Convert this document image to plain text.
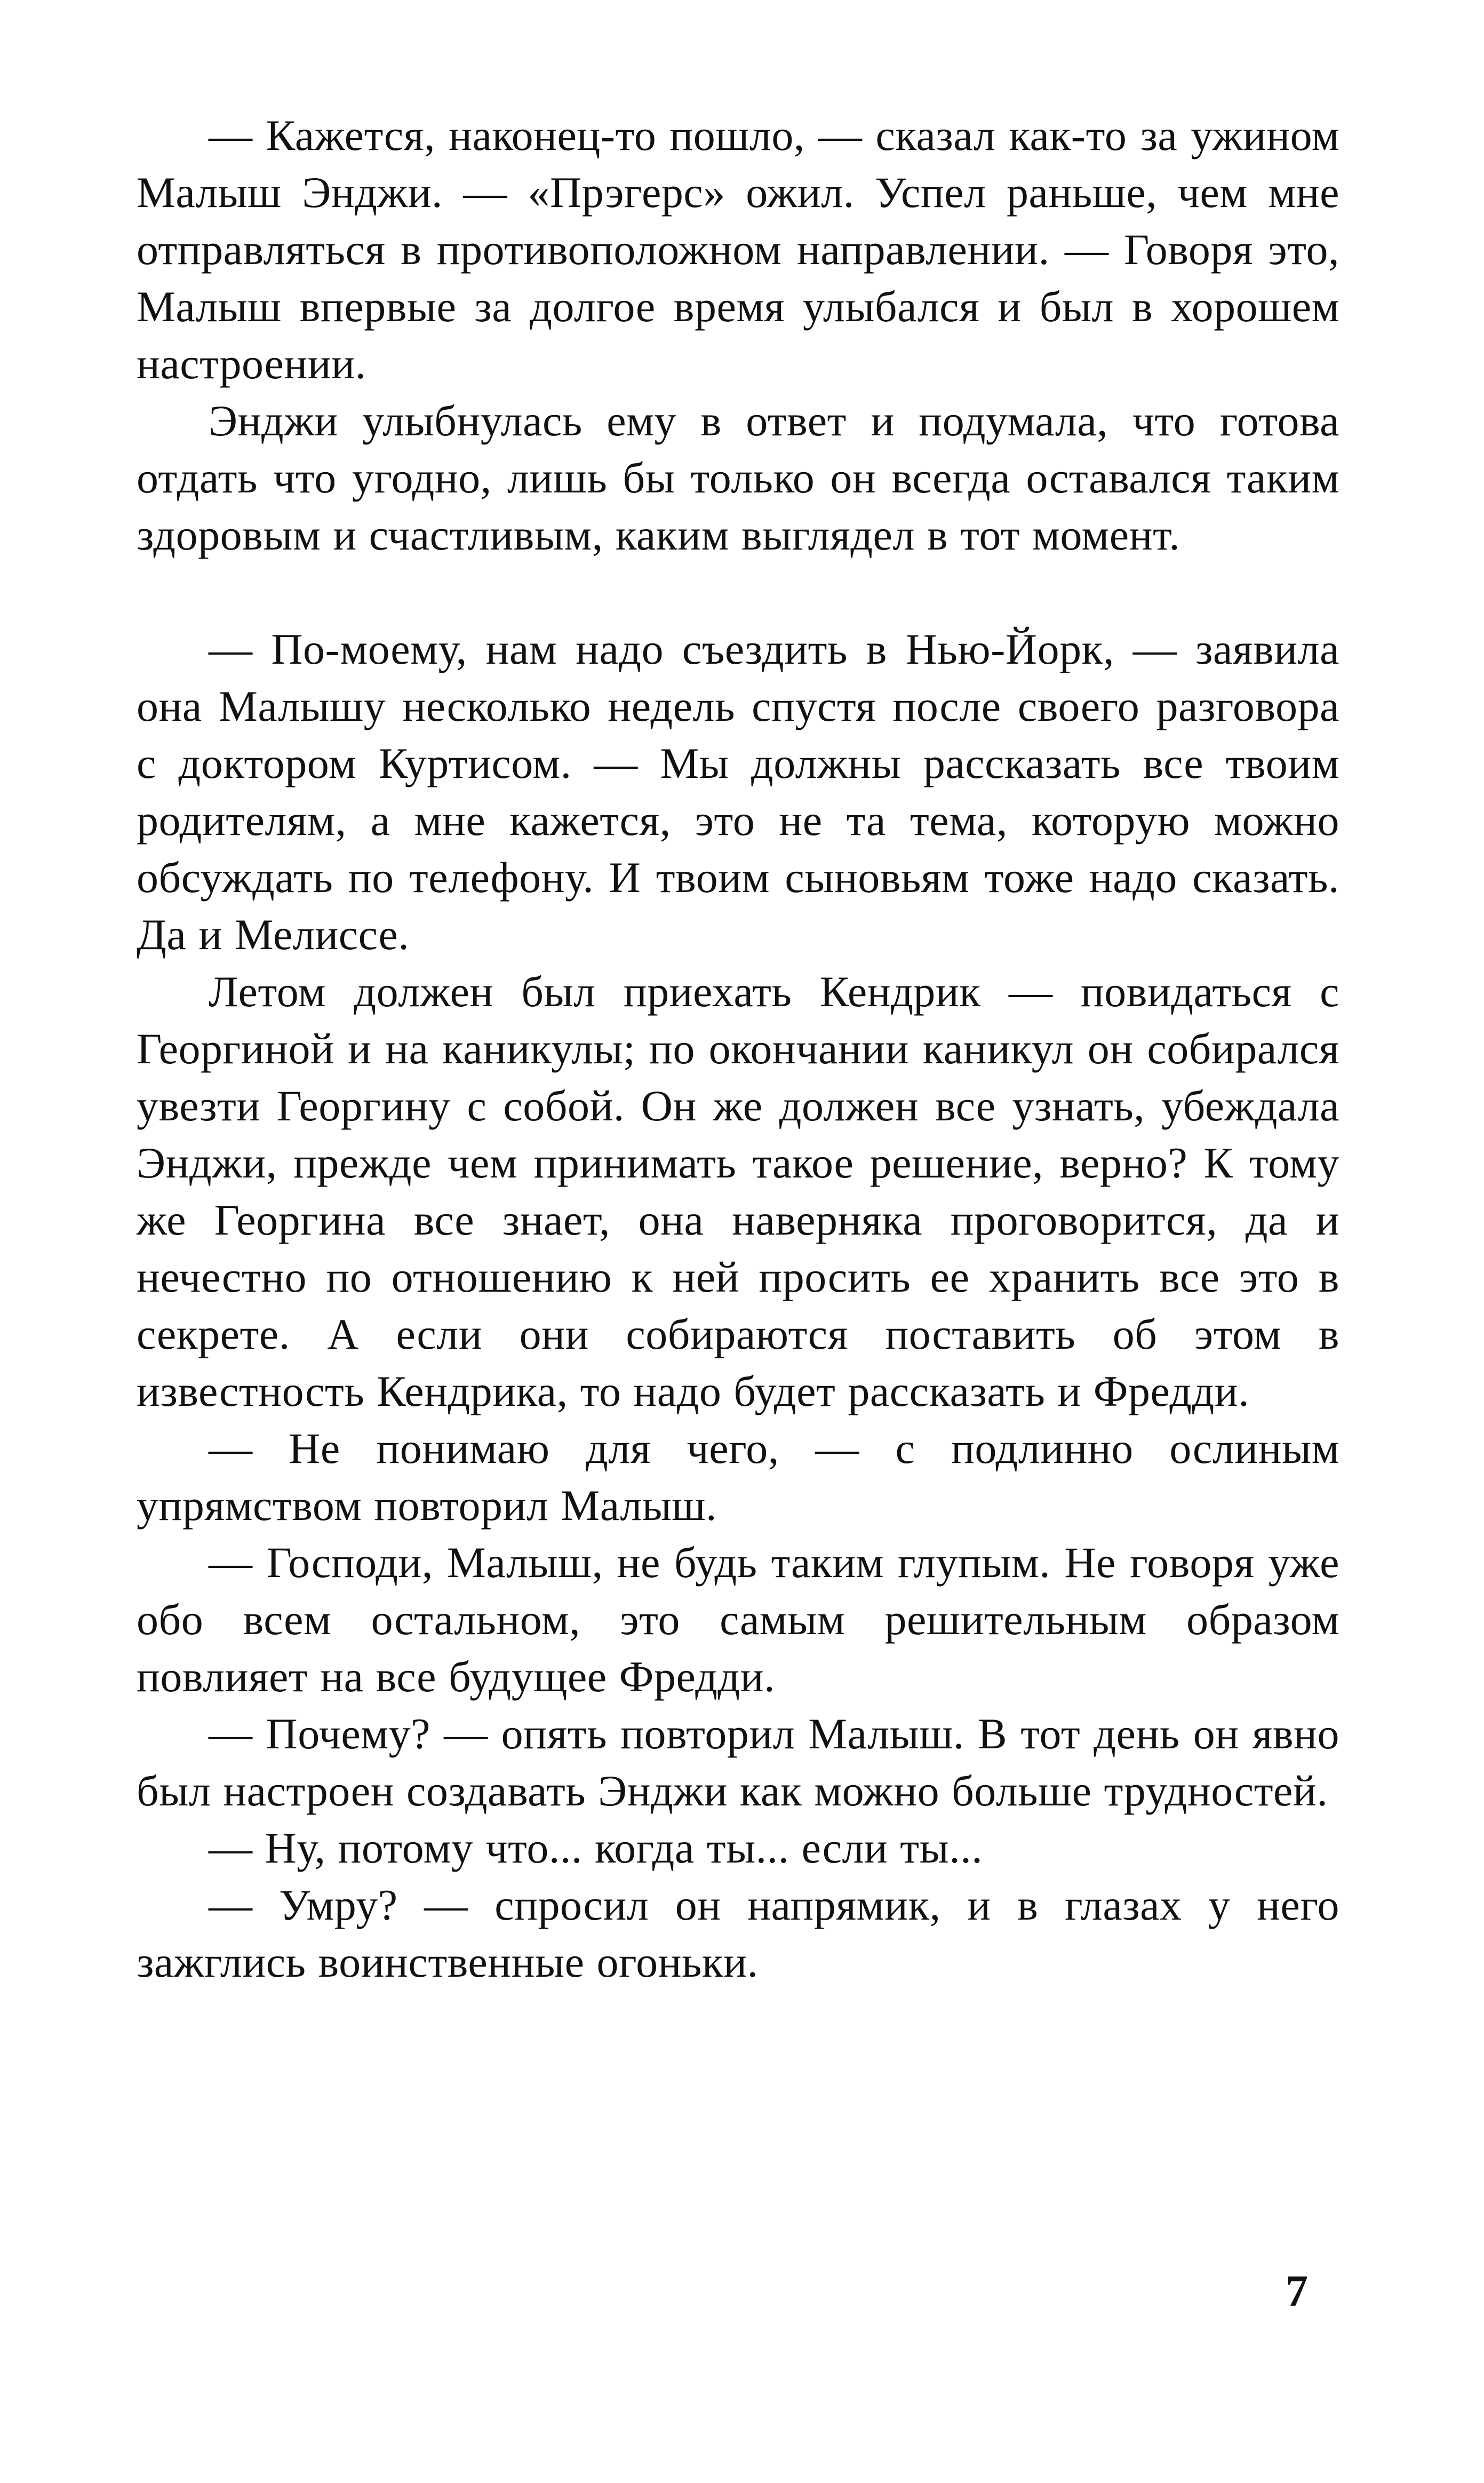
— Кажется, наконец-то пошло, — сказал как-то за ужином Малыш Энджи. — «Прэгерс» ожил. Успел раньше, чем мне отправляться в противоположном направлении. — Говоря это, Малыш впервые за долгое время улыбался и был в хорошем настроении.

Энджи улыбнулась ему в ответ и подумала, что готова отдать что угодно, лишь бы только он всегда оставался таким здоровым и счастливым, каким выглядел в тот момент.

— По-моему, нам надо съездить в Нью-Йорк, — заявила она Малышу несколько недель спустя после своего разговора с доктором Куртисом. — Мы должны рассказать все твоим родителям, а мне кажется, это не та тема, которую можно обсуждать по телефону. И твоим сыновьям тоже надо сказать. Да и Мелиссе.

Летом должен был приехать Кендрик — повидаться с Георгиной и на каникулы; по окончании каникул он собирался увезти Георгину с собой. Он же должен все узнать, убеждала Энджи, прежде чем принимать такое решение, верно? К тому же Георгина все знает, она наверняка проговорится, да и нечестно по отношению к ней просить ее хранить все это в секрете. А если они собираются поставить об этом в известность Кендрика, то надо будет рассказать и Фредди.

— Не понимаю для чего, — с подлинно ослиным упрямством повторил Малыш.

— Господи, Малыш, не будь таким глупым. Не говоря уже обо всем остальном, это самым решительным образом повлияет на все будущее Фредди.

— Почему? — опять повторил Малыш. В тот день он явно был настроен создавать Энджи как можно больше трудностей.

— Ну, потому что... когда ты... если ты...

— Умру? — спросил он напрямик, и в глазах у него зажглись воинственные огоньки.

7
